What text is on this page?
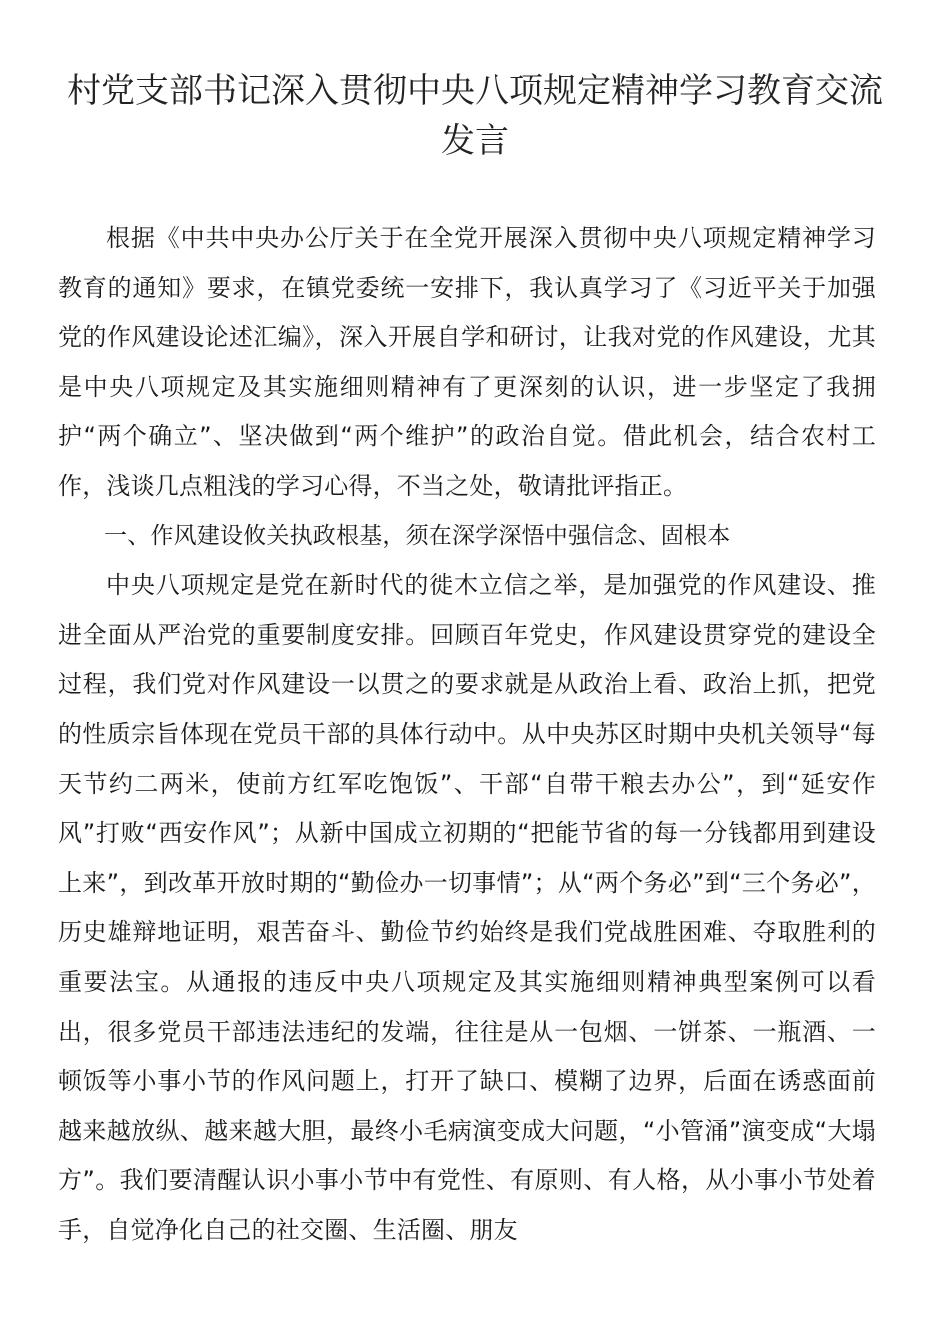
村党支部书记深入贯彻中央八项规定精神学习教育交流发言

根据《中共中央办公厅关于在全党开展深入贯彻中央八项规定精神学习教育的通知》要求，在镇党委统一安排下，我认真学习了《习近平关于加强党的作风建设论述汇编》，深入开展自学和研讨，让我对党的作风建设，尤其是中央八项规定及其实施细则精神有了更深刻的认识，进一步坚定了我拥护“两个确立”、坚决做到“两个维护”的政治自觉。借此机会，结合农村工作，浅谈几点粗浅的学习心得，不当之处，敬请批评指正。

一、作风建设攸关执政根基，须在深学深悟中强信念、固根本

中央八项规定是党在新时代的徙木立信之举，是加强党的作风建设、推进全面从严治党的重要制度安排。回顾百年党史，作风建设贯穿党的建设全过程，我们党对作风建设一以贯之的要求就是从政治上看、政治上抓，把党的性质宗旨体现在党员干部的具体行动中。从中央苏区时期中央机关领导“每天节约二两米，使前方红军吃饱饭”、干部“自带干粮去办公”，到“延安作风”打败“西安作风”；从新中国成立初期的“把能节省的每一分钱都用到建设上来”，到改革开放时期的“勤俭办一切事情”；从“两个务必”到“三个务必”，历史雄辩地证明，艰苦奋斗、勤俭节约始终是我们党战胜困难、夺取胜利的重要法宝。从通报的违反中央八项规定及其实施细则精神典型案例可以看出，很多党员干部违法违纪的发端，往往是从一包烟、一饼茶、一瓶酒、一顿饭等小事小节的作风问题上，打开了缺口、模糊了边界，后面在诱惑面前越来越放纵、越来越大胆，最终小毛病演变成大问题，“小管涌”演变成“大塌方”。我们要清醒认识小事小节中有党性、有原则、有人格，从小事小节处着手，自觉净化自己的社交圈、生活圈、朋友
